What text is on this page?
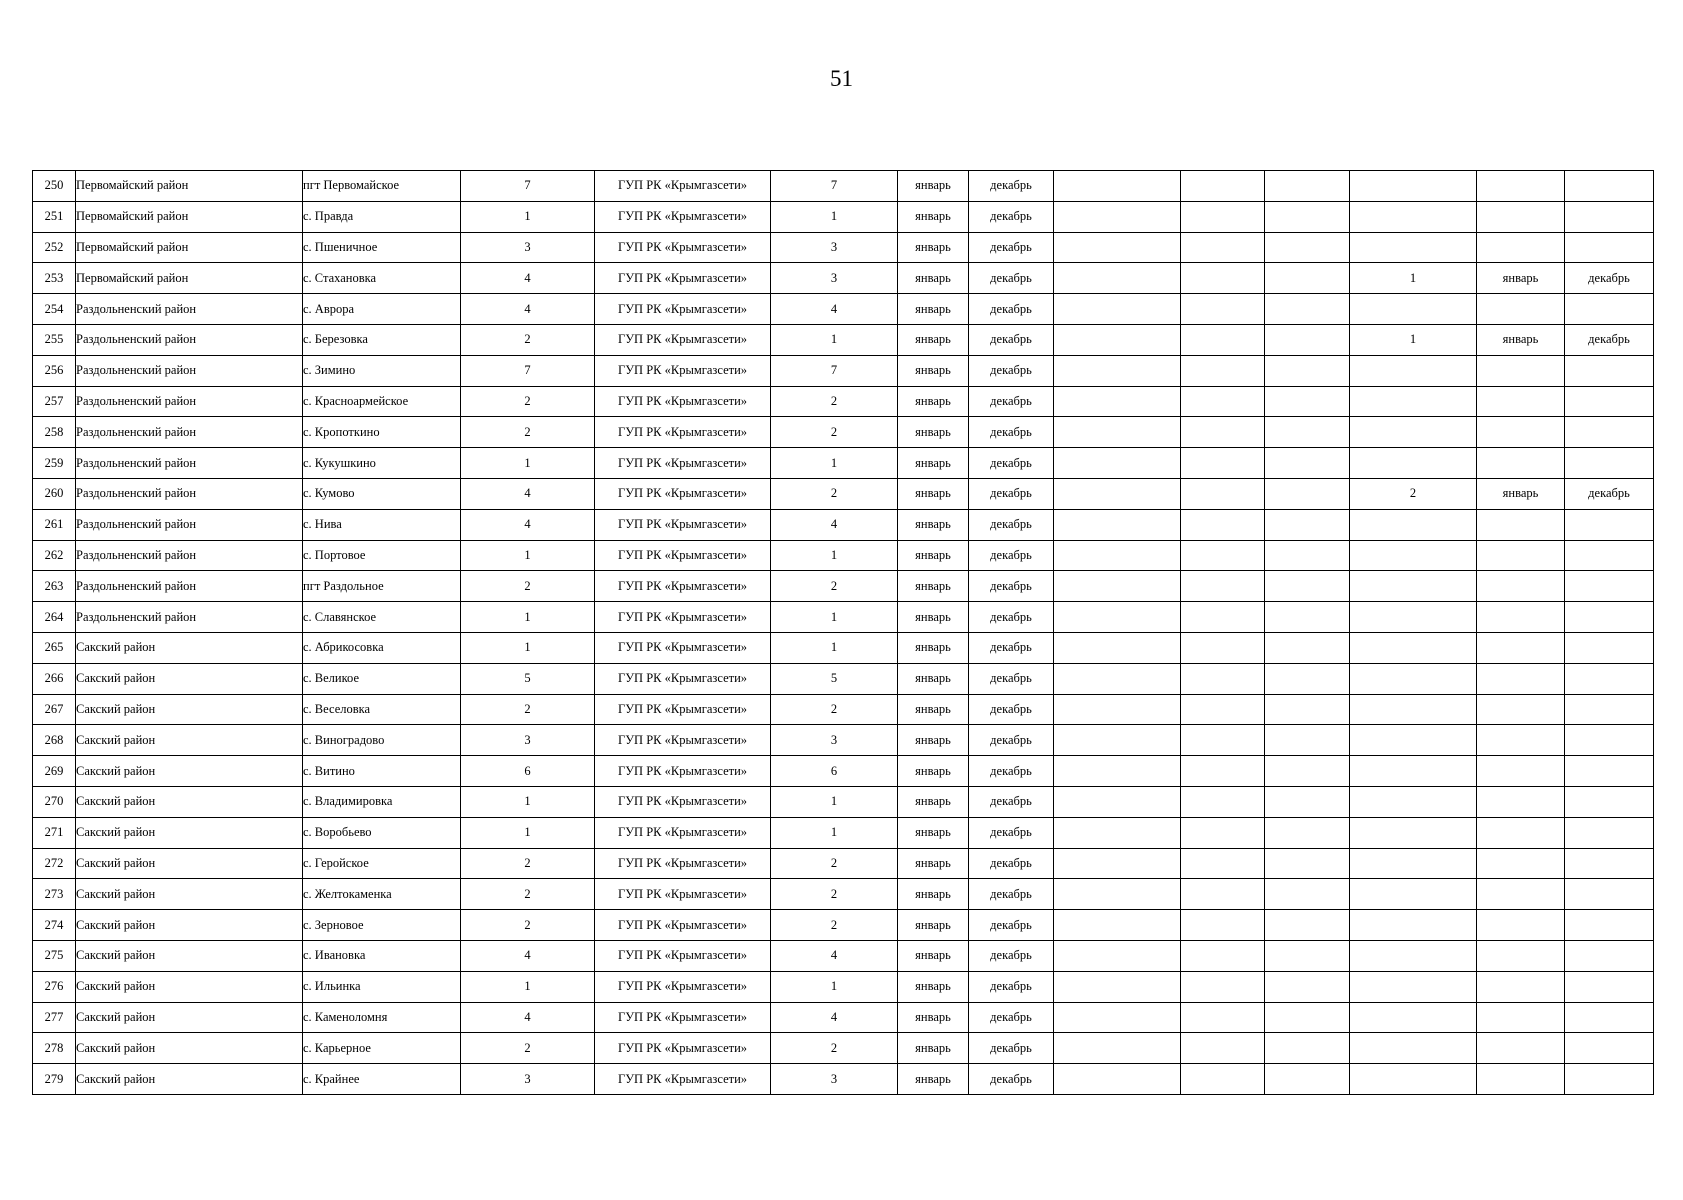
51
250	Первомайский район	пгт Первомайское	7	ГУП РК «Крымгазсети»	7	январь	декабрь						
251	Первомайский район	с. Правда	1	ГУП РК «Крымгазсети»	1	январь	декабрь						
252	Первомайский район	с. Пшеничное	3	ГУП РК «Крымгазсети»	3	январь	декабрь						
253	Первомайский район	с. Стахановка	4	ГУП РК «Крымгазсети»	3	январь	декабрь				1	январь	декабрь
254	Раздольненский район	с. Аврора	4	ГУП РК «Крымгазсети»	4	январь	декабрь						
255	Раздольненский район	с. Березовка	2	ГУП РК «Крымгазсети»	1	январь	декабрь				1	январь	декабрь
256	Раздольненский район	с. Зимино	7	ГУП РК «Крымгазсети»	7	январь	декабрь						
257	Раздольненский район	с. Красноармейское	2	ГУП РК «Крымгазсети»	2	январь	декабрь						
258	Раздольненский район	с. Кропоткино	2	ГУП РК «Крымгазсети»	2	январь	декабрь						
259	Раздольненский район	с. Кукушкино	1	ГУП РК «Крымгазсети»	1	январь	декабрь						
260	Раздольненский район	с. Кумово	4	ГУП РК «Крымгазсети»	2	январь	декабрь				2	январь	декабрь
261	Раздольненский район	с. Нива	4	ГУП РК «Крымгазсети»	4	январь	декабрь						
262	Раздольненский район	с. Портовое	1	ГУП РК «Крымгазсети»	1	январь	декабрь						
263	Раздольненский район	пгт Раздольное	2	ГУП РК «Крымгазсети»	2	январь	декабрь						
264	Раздольненский район	с. Славянское	1	ГУП РК «Крымгазсети»	1	январь	декабрь						
265	Сакский район	с. Абрикосовка	1	ГУП РК «Крымгазсети»	1	январь	декабрь						
266	Сакский район	с. Великое	5	ГУП РК «Крымгазсети»	5	январь	декабрь						
267	Сакский район	с. Веселовка	2	ГУП РК «Крымгазсети»	2	январь	декабрь						
268	Сакский район	с. Виноградово	3	ГУП РК «Крымгазсети»	3	январь	декабрь						
269	Сакский район	с. Витино	6	ГУП РК «Крымгазсети»	6	январь	декабрь						
270	Сакский район	с. Владимировка	1	ГУП РК «Крымгазсети»	1	январь	декабрь						
271	Сакский район	с. Воробьево	1	ГУП РК «Крымгазсети»	1	январь	декабрь						
272	Сакский район	с. Геройское	2	ГУП РК «Крымгазсети»	2	январь	декабрь						
273	Сакский район	с. Желтокаменка	2	ГУП РК «Крымгазсети»	2	январь	декабрь						
274	Сакский район	с. Зерновое	2	ГУП РК «Крымгазсети»	2	январь	декабрь						
275	Сакский район	с. Ивановка	4	ГУП РК «Крымгазсети»	4	январь	декабрь						
276	Сакский район	с. Ильинка	1	ГУП РК «Крымгазсети»	1	январь	декабрь						
277	Сакский район	с. Каменоломня	4	ГУП РК «Крымгазсети»	4	январь	декабрь						
278	Сакский район	с. Карьерное	2	ГУП РК «Крымгазсети»	2	январь	декабрь						
279	Сакский район	с. Крайнее	3	ГУП РК «Крымгазсети»	3	январь	декабрь						
